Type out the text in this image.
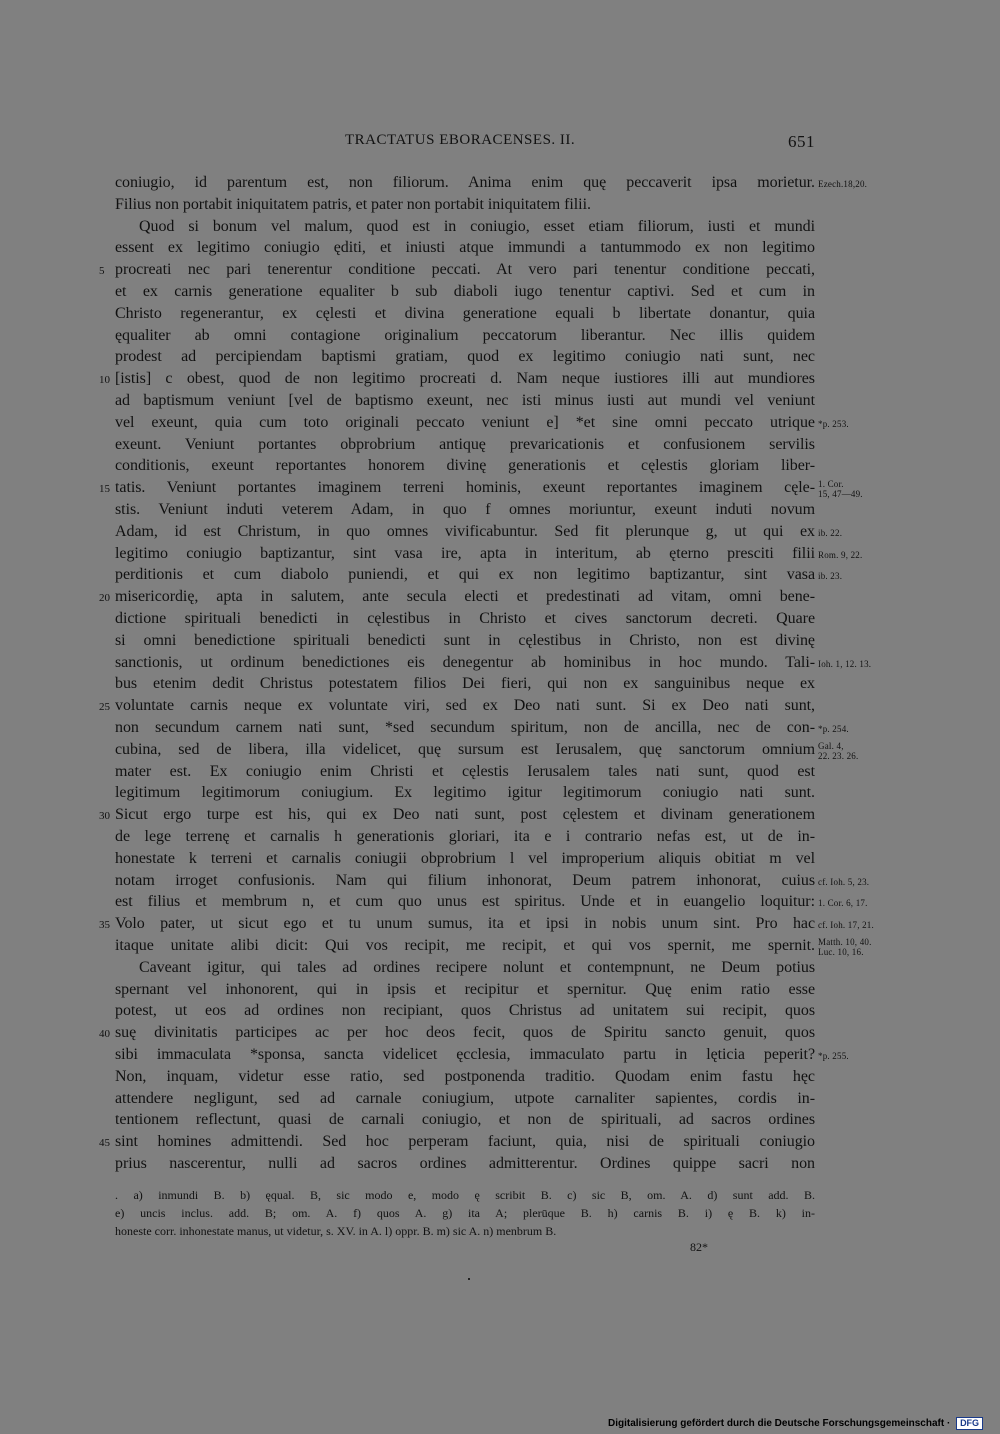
TRACTATUS EBORACENSES. II.	651
coniugio, id parentum est, non filiorum. Anima enim quę peccaverit ipsa morietur. Ezech.18,20.
Filius non portabit iniquitatem patris, et pater non portabit iniquitatem filii.
Quod si bonum vel malum, quod est in coniugio, esset etiam filiorum, iusti et mundi
essent ex legitimo coniugio ęditi, et iniusti atque immundi a tantummodo ex non legitimo
procreati nec pari tenerentur conditione peccati. At vero pari tenentur conditione peccati,
5
et ex carnis generatione equaliter b sub diaboli iugo tenentur captivi. Sed et cum in
Christo regenerantur, ex cęlesti et divina generatione equali b libertate donantur, quia
ęqualiter ab omni contagione originalium peccatorum liberantur. Nec illis quidem
prodest ad percipiendam baptismi gratiam, quod ex legitimo coniugio nati sunt, nec
[istis] c obest, quod de non legitimo procreati d. Nam neque iustiores illi aut mundiores
10
ad baptismum veniunt [vel de baptismo exeunt, nec isti minus iusti aut mundi vel veniunt
vel exeunt, quia cum toto originali peccato veniunt e] *et sine omni peccato utrique *p. 253.
exeunt. Veniunt portantes obprobrium antiquę prevaricationis et confusionem servilis
conditionis, exeunt reportantes honorem divinę generationis et cęlestis gloriam liber-
tatis. Veniunt portantes imaginem terreni hominis, exeunt reportantes imaginem cęle-
15	1. Cor.
15, 47—49.
stis. Veniunt induti veterem Adam, in quo f omnes moriuntur, exeunt induti novum
Adam, id est Christum, in quo omnes vivificabuntur. Sed fit plerunque g, ut qui ex ib. 22.
legitimo coniugio baptizantur, sint vasa ire, apta in interitum, ab ęterno presciti filii Rom. 9, 22.
perditionis et cum diabolo puniendi, et qui ex non legitimo baptizantur, sint vasa ib. 23.
misericordię, apta in salutem, ante secula electi et predestinati ad vitam, omni bene-
20
dictione spirituali benedicti in cęlestibus in Christo et cives sanctorum decreti. Quare
si omni benedictione spirituali benedicti sunt in cęlestibus in Christo, non est divinę
sanctionis, ut ordinum benedictiones eis denegentur ab hominibus in hoc mundo. Tali- Ioh. 1, 12. 13.
bus etenim dedit Christus potestatem filios Dei fieri, qui non ex sanguinibus neque ex
voluntate carnis neque ex voluntate viri, sed ex Deo nati sunt. Si ex Deo nati sunt,
25
non secundum carnem nati sunt, *sed secundum spiritum, non de ancilla, nec de con- *p. 254.
cubina, sed de libera, illa videlicet, quę sursum est Ierusalem, quę sanctorum omnium Gal. 4,
22. 23. 26.
mater est. Ex coniugio enim Christi et cęlestis Ierusalem tales nati sunt, quod est
legitimum legitimorum coniugium. Ex legitimo igitur legitimorum coniugio nati sunt.
Sicut ergo turpe est his, qui ex Deo nati sunt, post cęlestem et divinam generationem
30
de lege terrenę et carnalis h generationis gloriari, ita e i contrario nefas est, ut de in-
honestate k terreni et carnalis coniugii obprobrium l vel improperium aliquis obitiat m vel
notam irroget confusionis. Nam qui filium inhonorat, Deum patrem inhonorat, cuius cf. Ioh. 5, 23.
est filius et membrum n, et cum quo unus est spiritus. Unde et in euangelio loquitur: 1. Cor. 6, 17.
Volo pater, ut sicut ego et tu unum sumus, ita et ipsi in nobis unum sint. Pro hac
35	cf. Ioh. 17, 21.
itaque unitate alibi dicit: Qui vos recipit, me recipit, et qui vos spernit, me spernit. Matth. 10, 40.
Luc. 10, 16.
Caveant igitur, qui tales ad ordines recipere nolunt et contempnunt, ne Deum potius
spernant vel inhonorent, qui in ipsis et recipitur et spernitur. Quę enim ratio esse
potest, ut eos ad ordines non recipiant, quos Christus ad unitatem sui recipit, quos
suę divinitatis participes ac per hoc deos fecit, quos de Spiritu sancto genuit, quos
40
sibi immaculata *sponsa, sancta videlicet ęcclesia, immaculato partu in lęticia peperit? *p. 255.
Non, inquam, videtur esse ratio, sed postponenda traditio. Quodam enim fastu hęc
attendere negligunt, sed ad carnale coniugium, utpote carnaliter sapientes, cordis in-
tentionem reflectunt, quasi de carnali coniugio, et non de spirituali, ad sacros ordines
sint homines admittendi. Sed hoc perperam faciunt, quia, nisi de spirituali coniugio
45
prius nascerentur, nulli ad sacros ordines admitterentur. Ordines quippe sacri non
. a) inmundi B. b) ęqual. B, sic modo e, modo ę scribit B. c) sic B, om. A. d) sunt add. B.
e) uncis inclus. add. B; om. A. f) quos A. g) ita A; plerūque B. h) carnis B. i) ę B. k) in-
honeste corr. inhonestate manus, ut videtur, s. XV. in A. l) oppr. B. m) sic A. n) menbrum B.
82*
Digitalisierung gefördert durch die Deutsche Forschungsgemeinschaft · DFG
